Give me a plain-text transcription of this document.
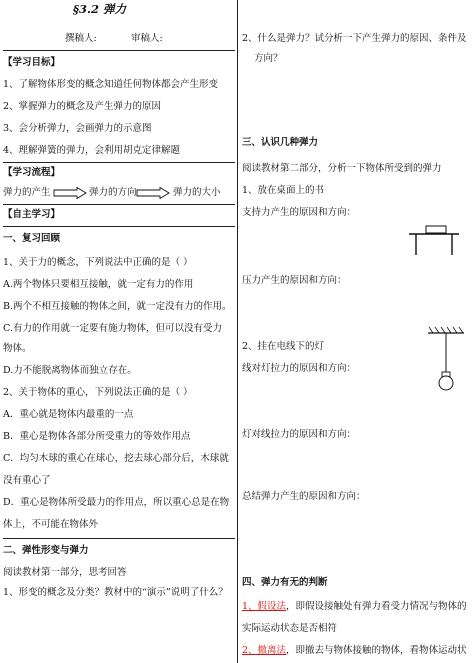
§3.2 弹力
撰稿人:	审稿人:
【学习目标】
1、了解物体形变的概念知道任何物体都会产生形变
2、掌握弹力的概念及产生弹力的原因
3、会分析弹力，会画弹力的示意图
4、理解弹簧的弹力，会利用胡克定律解题
【学习流程】
弹力的产生	弹力的方向	弹力的大小
【自主学习】
一、复习回顾
1、关于力的概念，下列说法中正确的是（ ）
A.两个物体只要相互接触，就一定有力的作用
B.两个不相互接触的物体之间，就一定没有力的作用。
C.有力的作用就一定要有施力物体，但可以没有受力
物体。
D.力不能脱离物体而独立存在。
2、关于物体的重心，下列说法正确的是（ ）
A．重心就是物体内最重的一点
B．重心是物体各部分所受重力的等效作用点
C．均匀木球的重心在球心，挖去球心部分后，木球就
没有重心了
D．重心是物体所受最力的作用点，所以重心总是在物
体上，不可能在物体外
二、弹性形变与弹力
阅读教材第一部分，思考回答
1、形变的概念及分类？教材中的“演示”说明了什么？
2、什么是弹力？试分析一下产生弹力的原因、条件及
方向？
三、认识几种弹力
阅读教材第二部分，分析一下物体所受到的弹力
1、放在桌面上的书
支持力产生的原因和方向：
压力产生的原因和方向：
2、挂在电线下的灯
线对灯拉力的原因和方向：
灯对线拉力的原因和方向：
总结弹力产生的原因和方向：
四、弹力有无的判断
1、假设法，即假设接触处有弹力看受力情况与物体的
实际运动状态是否相符
2、撤离法，即撤去与物体接触的物体，看物体运动状
